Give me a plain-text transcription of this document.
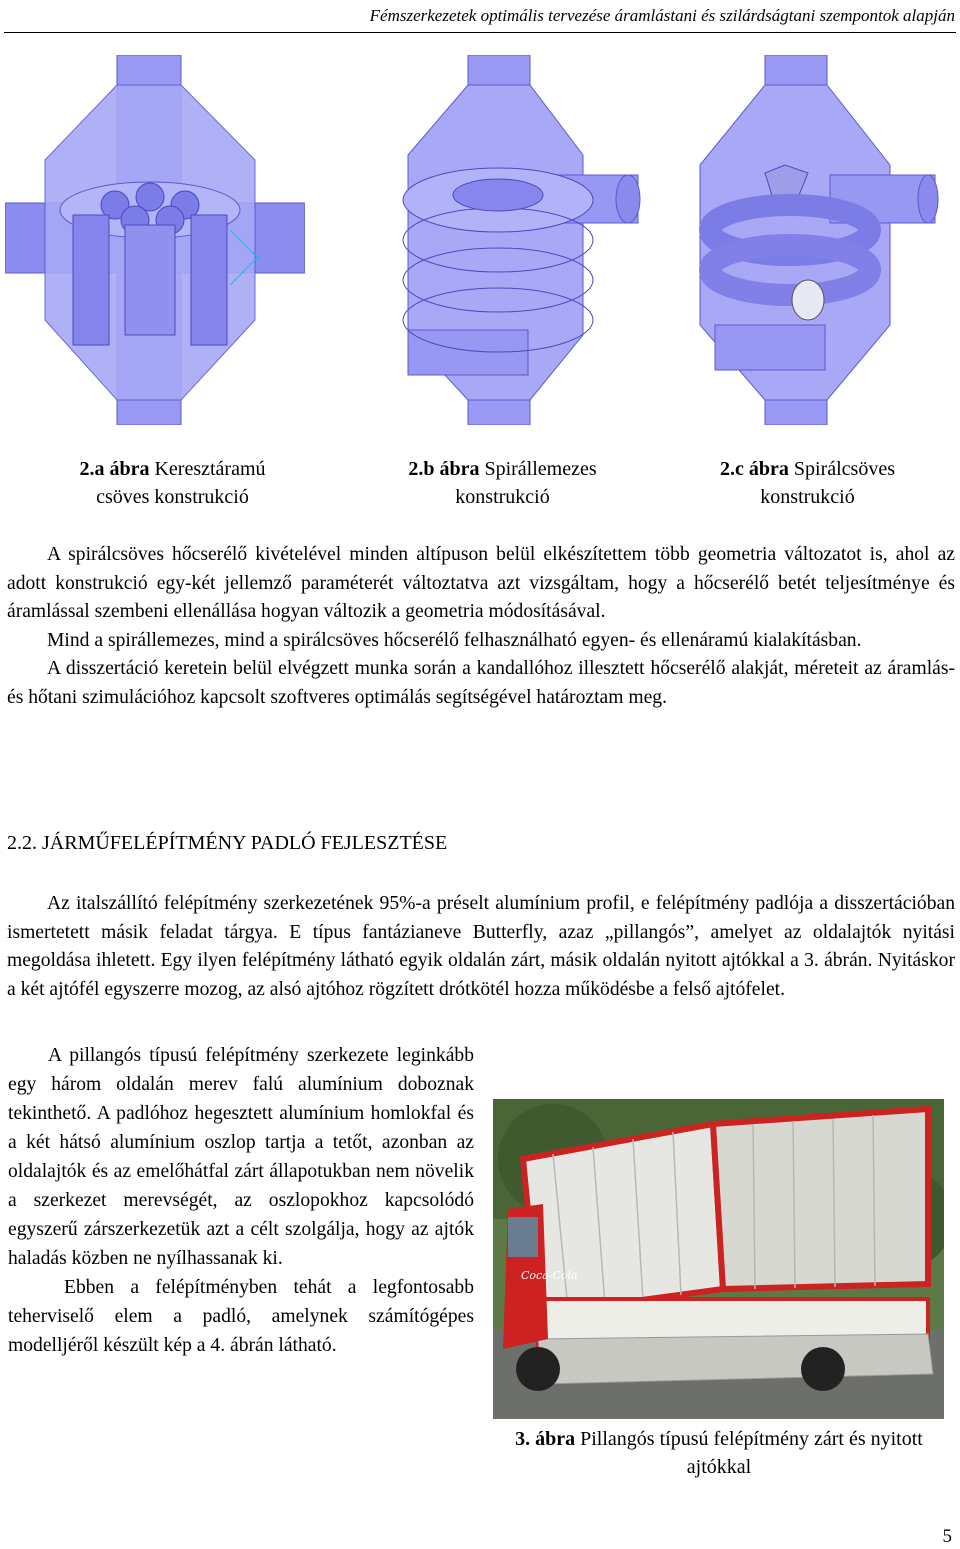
Fémszerkezetek optimális tervezése áramlástani és szilárdságtani szempontok alapján
2.a ábra Keresztáramú
csöves konstrukció
2.b ábra Spirállemezes
konstrukció
2.c ábra Spirálcsöves
konstrukció

A spirálcsöves hőcserélő kivételével minden altípuson belül elkészítettem több geometria változatot is, ahol az adott konstrukció egy-két jellemző paraméterét változtatva azt vizsgáltam, hogy a hőcserélő betét teljesítménye és áramlással szembeni ellenállása hogyan változik a geometria módosításával.

Mind a spirállemezes, mind a spirálcsöves hőcserélő felhasználható egyen- és ellenáramú kialakításban.

A disszertáció keretein belül elvégzett munka során a kandallóhoz illesztett hőcserélő alakját, méreteit az áramlás- és hőtani szimulációhoz kapcsolt szoftveres optimálás segítségével határoztam meg.

2.2. JÁRMŰFELÉPÍTMÉNY PADLÓ FEJLESZTÉSE

Az italszállító felépítmény szerkezetének 95%-a préselt alumínium profil, e felépítmény padlója a disszertációban ismertetett másik feladat tárgya. E típus fantázianeve Butterfly, azaz „pillangós”, amelyet az oldalajtók nyitási megoldása ihletett. Egy ilyen felépítmény látható egyik oldalán zárt, másik oldalán nyitott ajtókkal a 3. ábrán. Nyitáskor a két ajtófél egyszerre mozog, az alsó ajtóhoz rögzített drótkötél hozza működésbe a felső ajtófelet.

A pillangós típusú felépítmény szerkezete leginkább egy három oldalán merev falú alumínium doboznak tekinthető. A padlóhoz hegesztett alumínium homlokfal és a két hátsó alumínium oszlop tartja a tetőt, azonban az oldalajtók és az emelőhátfal zárt állapotukban nem növelik a szerkezet merevségét, az oszlopokhoz kapcsolódó egyszerű zárszerkezetük azt a célt szolgálja, hogy az ajtók haladás közben ne nyílhassanak ki.

Ebben a felépítményben tehát a legfontosabb teherviselő elem a padló, amelynek számítógépes modelljéről készült kép a 4. ábrán látható.

Coca-Cola
3. ábra Pillangós típusú felépítmény zárt és nyitott ajtókkal
5
